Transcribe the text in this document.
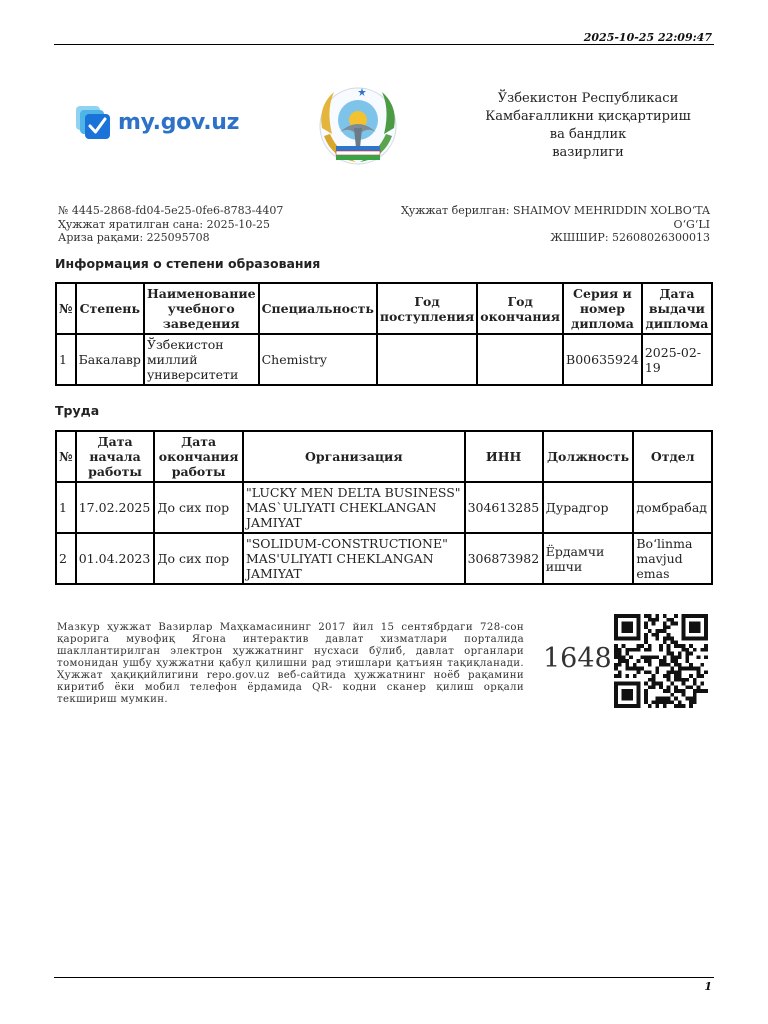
2025-10-25 22:09:47
my.gov.uz
Ўзбекистон Республикаси
Камбағалликни қисқартириш
ва бандлик
вазирлиги
№ 4445-2868-fd04-5e25-0fe6-8783-4407
Ҳужжат яратилган сана: 2025-10-25
Ариза рақами: 225095708
Ҳужжат берилган: SHAIMOV MEHRIDDIN XOLBO‘TA
O‘G‘LI
ЖШШИР: 52608026300013
Информация о степени образования
№	Степень	Наименование учебного заведения	Специальность	Год поступления	Год окончания	Серия и номер диплома	Дата выдачи диплома
1	Бакалавр	Ўзбекистон миллий университети	Chemistry			B00635924	2025-02-19
Труда
№	Дата начала работы	Дата окончания работы	Организация	ИНН	Должность	Отдел
1	17.02.2025	До сих пор	"LUCKY MEN DELTA BUSINESS" MAS`ULIYATI CHEKLANGAN JAMIYAT	304613285	Дурадгор	домбрабад
2	01.04.2023	До сих пор	"SOLIDUM-CONSTRUCTIONE" MAS'ULIYATI CHEKLANGAN JAMIYAT	306873982	Ёрдамчи ишчи	Bo‘linma mavjud emas
Мазкур ҳужжат Вазирлар Маҳкамасининг 2017 йил 15 сентябрдаги 728-сон қарорига мувофиқ Ягона интерактив давлат хизматлари порталида шакллантирилган электрон ҳужжатнинг нусхаси бўлиб, давлат органлари томонидан ушбу ҳужжатни қабул қилишни рад этишлари қатъиян тақиқланади. Ҳужжат ҳақиқийлигини repo.gov.uz веб-сайтида ҳужжатнинг ноёб рақамини киритиб ёки мобил телефон ёрдамида QR- кодни сканер қилиш орқали текшириш мумкин.
1648
1
